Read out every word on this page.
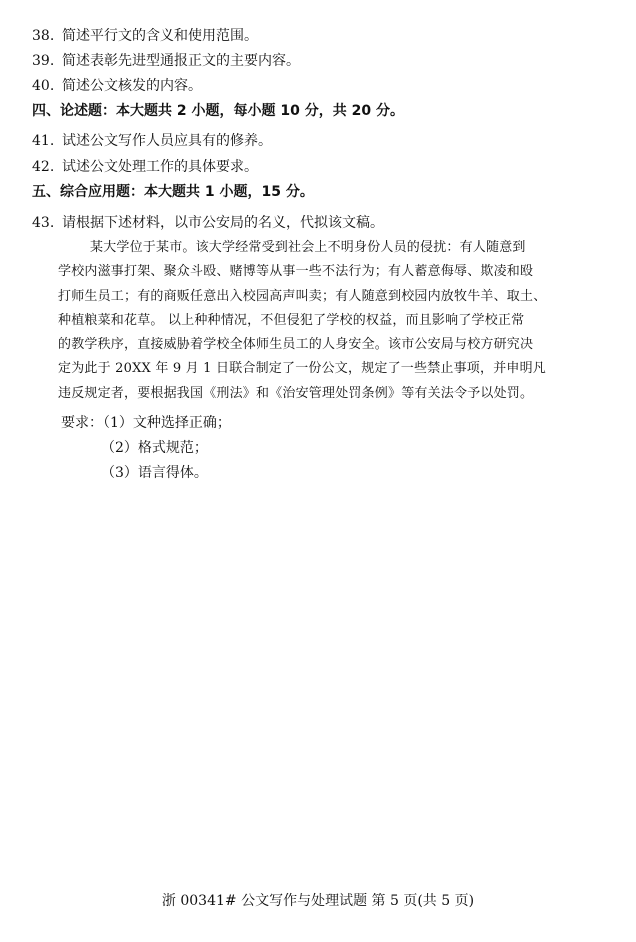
38. 简述平行文的含义和使用范围。
39. 简述表彰先进型通报正文的主要内容。
40. 简述公文核发的内容。
四、论述题：本大题共 2 小题，每小题 10 分，共 20 分。
41. 试述公文写作人员应具有的修养。
42. 试述公文处理工作的具体要求。
五、综合应用题：本大题共 1 小题，15 分。
43. 请根据下述材料，以市公安局的名义，代拟该文稿。
某大学位于某市。该大学经常受到社会上不明身份人员的侵扰：有人随意到
学校内滋事打架、聚众斗殴、赌博等从事一些不法行为；有人蓄意侮辱、欺凌和殴
打师生员工；有的商贩任意出入校园高声叫卖；有人随意到校园内放牧牛羊、取土、
种植粮菜和花草。 以上种种情况，不但侵犯了学校的权益，而且影响了学校正常
的教学秩序，直接威胁着学校全体师生员工的人身安全。该市公安局与校方研究决
定为此于 20XX 年 9 月 1 日联合制定了一份公文，规定了一些禁止事项，并申明凡
违反规定者，要根据我国《刑法》和《治安管理处罚条例》等有关法令予以处罚。
要求：（1）文种选择正确；
（2）格式规范；
（3）语言得体。
浙 00341# 公文写作与处理试题 第 5 页(共 5 页)
